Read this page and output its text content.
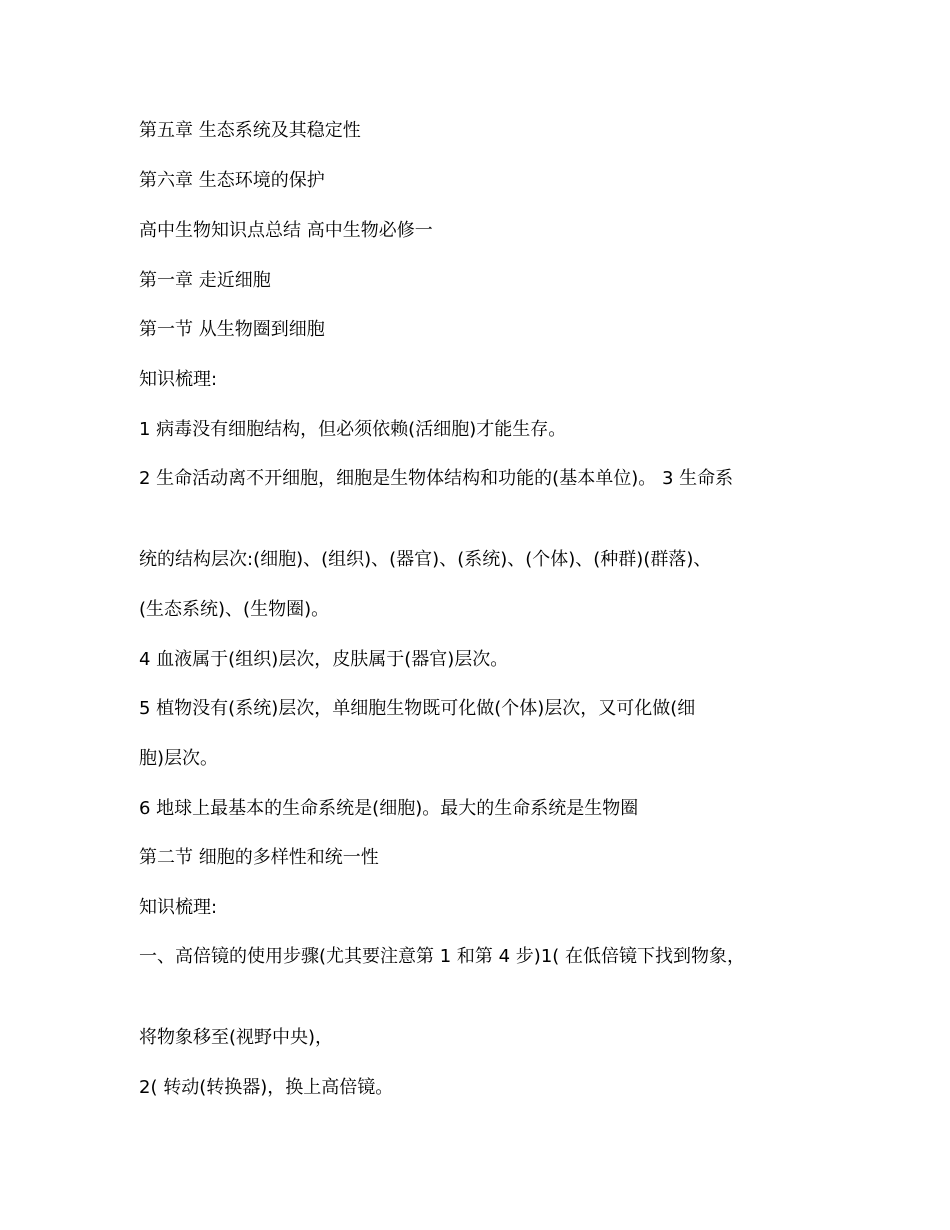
第五章 生态系统及其稳定性

第六章 生态环境的保护

高中生物知识点总结 高中生物必修一

第一章 走近细胞

第一节 从生物圈到细胞

知识梳理:

1 病毒没有细胞结构，但必须依赖(活细胞)才能生存。

2 生命活动离不开细胞，细胞是生物体结构和功能的(基本单位)。 3 生命系

统的结构层次:(细胞)、(组织)、(器官)、(系统)、(个体)、(种群)(群落)、

(生态系统)、(生物圈)。

4 血液属于(组织)层次，皮肤属于(器官)层次。

5 植物没有(系统)层次，单细胞生物既可化做(个体)层次，又可化做(细

胞)层次。

6 地球上最基本的生命系统是(细胞)。最大的生命系统是生物圈

第二节 细胞的多样性和统一性

知识梳理:

一、高倍镜的使用步骤(尤其要注意第 1 和第 4 步)1( 在低倍镜下找到物象，

将物象移至(视野中央)，

2( 转动(转换器)，换上高倍镜。
